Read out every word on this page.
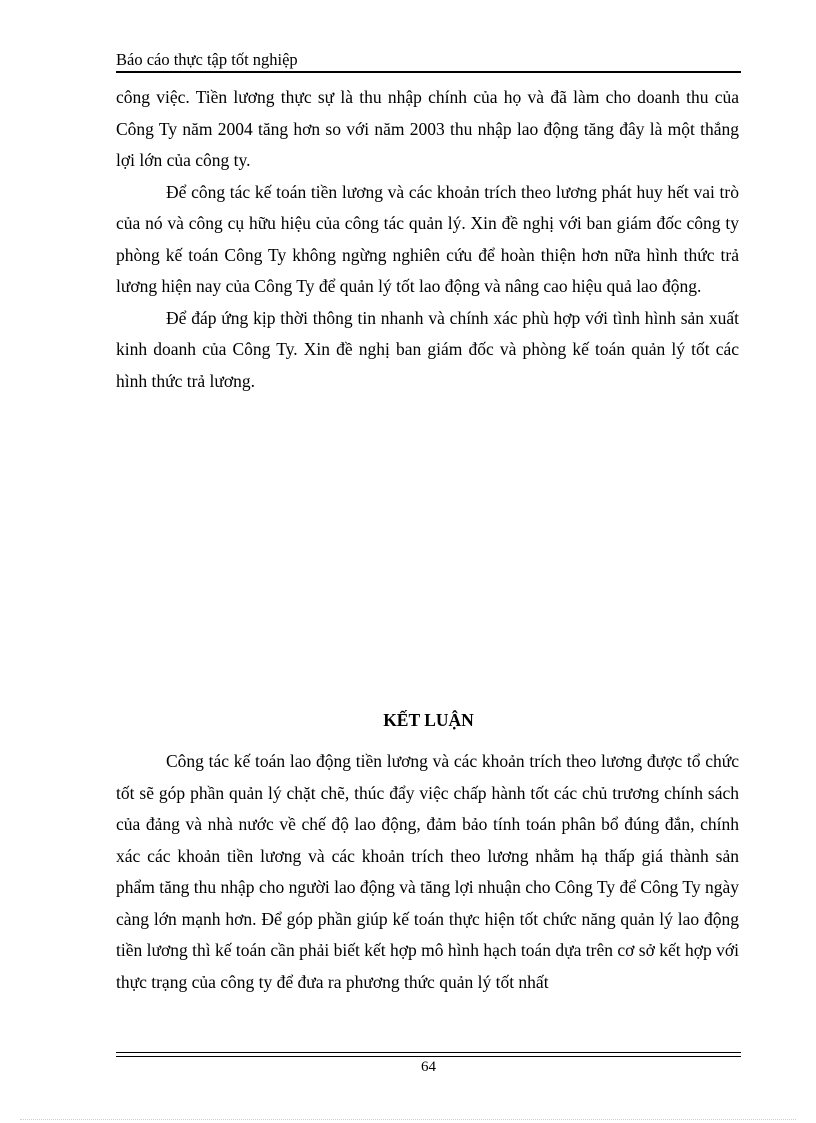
Báo cáo thực tập tốt nghiệp

công việc. Tiền lương thực sự là thu nhập chính của họ và đã làm cho doanh thu của Công Ty năm 2004 tăng hơn so với năm 2003 thu nhập lao động tăng đây là một thắng lợi lớn của công ty.

Để công tác kế toán tiền lương và các khoản trích theo lương phát huy hết vai trò của nó và công cụ hữu hiệu của công tác quản lý. Xin đề nghị với ban giám đốc công ty phòng kế toán Công Ty không ngừng nghiên cứu để hoàn thiện hơn nữa hình thức trả lương hiện nay của Công Ty để quản lý tốt lao động và nâng cao hiệu quả lao động.

Để đáp ứng kịp thời thông tin nhanh và chính xác phù hợp với tình hình sản xuất kinh doanh của Công Ty. Xin đề nghị ban giám đốc và phòng kế toán quản lý tốt các hình thức trả lương.

KẾT LUẬN

Công tác kế toán lao động tiền lương và các khoản trích theo lương được tổ chức tốt sẽ góp phần quản lý chặt chẽ, thúc đẩy việc chấp hành tốt các chủ trương chính sách của đảng và nhà nước về chế độ lao động, đảm bảo tính toán phân bổ đúng đắn, chính xác các khoản tiền lương và các khoản trích theo lương nhằm hạ thấp giá thành sản phẩm tăng thu nhập cho người lao động và tăng lợi nhuận cho Công Ty để Công Ty ngày càng lớn mạnh hơn. Để góp phần giúp kế toán thực hiện tốt chức năng quản lý lao động tiền lương thì kế toán cần phải biết kết hợp mô hình hạch toán dựa trên cơ sở kết hợp với thực trạng của công ty để đưa ra phương thức quản lý tốt nhất

64
